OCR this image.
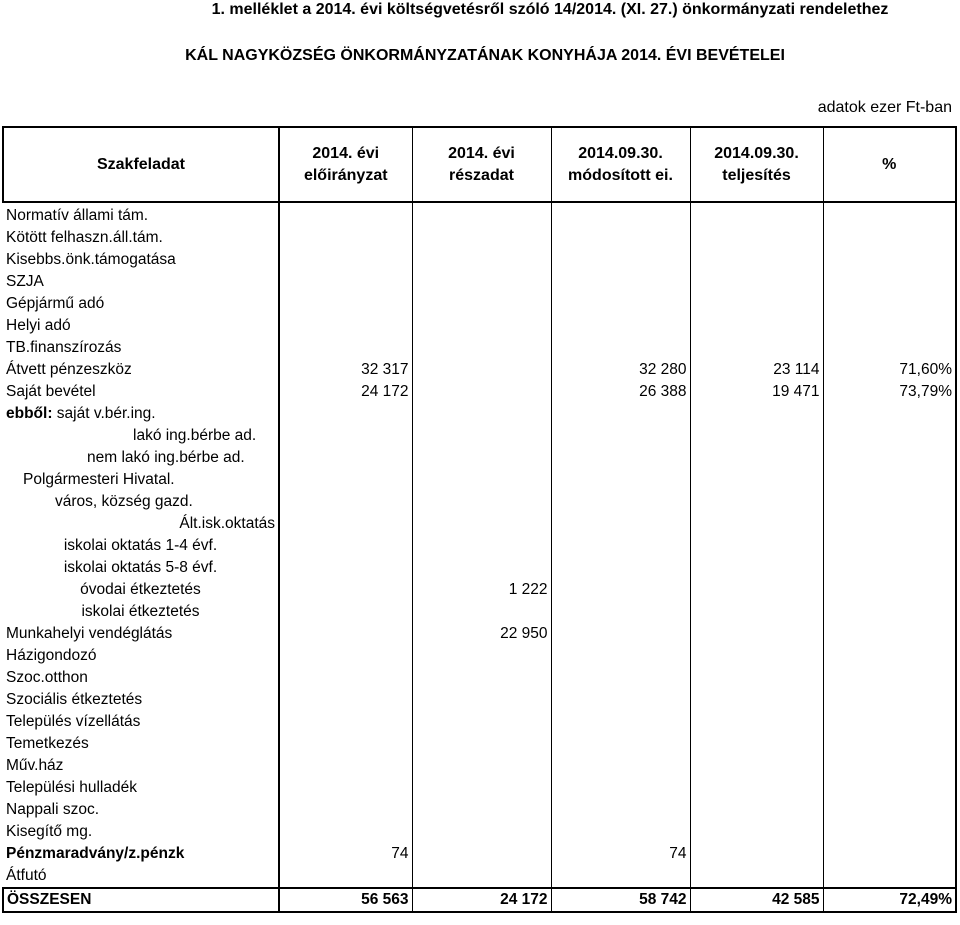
1. melléklet a 2014. évi költségvetésről szóló 14/2014. (XI. 27.) önkormányzati rendelethez
KÁL NAGYKÖZSÉG ÖNKORMÁNYZATÁNAK KONYHÁJA 2014. ÉVI BEVÉTELEI
adatok ezer Ft-ban
Szakfeladat	2014. évi előirányzat	2014. évi részadat	2014.09.30. módosított ei.	2014.09.30. teljesítés	%
Normatív állami tám.					
Kötött felhaszn.áll.tám.					
Kisebbs.önk.támogatása					
SZJA					
Gépjármű adó					
Helyi adó					
TB.finanszírozás					
Átvett pénzeszköz	32 317		32 280	23 114	71,60%
Saját bevétel	24 172		26 388	19 471	73,79%
ebből: saját v.bér.ing.					
lakó ing.bérbe ad.					
nem lakó ing.bérbe ad.					
Polgármesteri Hivatal.					
város, község gazd.					
Ált.isk.oktatás					
iskolai oktatás 1-4 évf.					
iskolai oktatás 5-8 évf.					
óvodai étkeztetés		1 222			
iskolai étkeztetés					
Munkahelyi vendéglátás		22 950			
Házigondozó					
Szoc.otthon					
Szociális étkeztetés					
Település vízellátás					
Temetkezés					
Műv.ház					
Települési hulladék					
Nappali szoc.					
Kisegítő mg.					
Pénzmaradvány/z.pénzk	74		74		
Átfutó					
ÖSSZESEN	56 563	24 172	58 742	42 585	72,49%
